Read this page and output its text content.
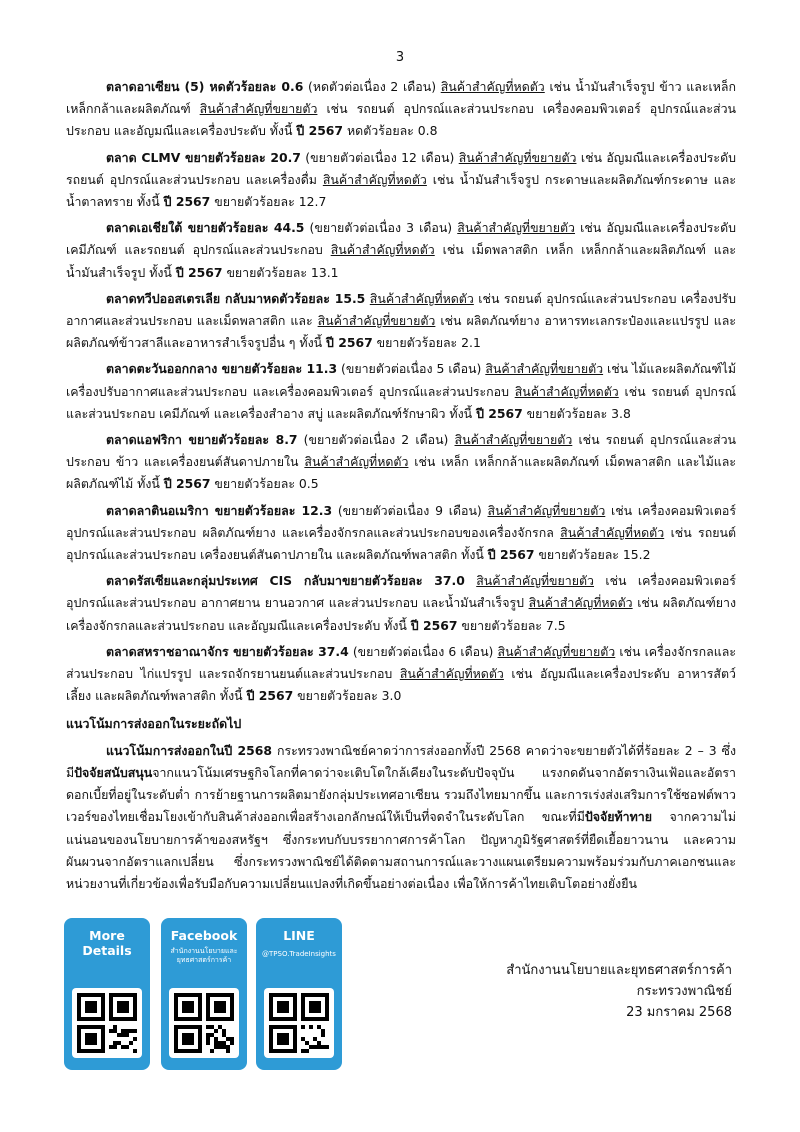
3

ตลาดอาเซียน (5) หดตัวร้อยละ 0.6 (หดตัวต่อเนื่อง 2 เดือน) สินค้าสำคัญที่หดตัว เช่น น้ำมันสำเร็จรูป ข้าว และเหล็ก เหล็กกล้าและผลิตภัณฑ์ สินค้าสำคัญที่ขยายตัว เช่น รถยนต์ อุปกรณ์และส่วนประกอบ เครื่องคอมพิวเตอร์ อุปกรณ์และส่วนประกอบ และอัญมณีและเครื่องประดับ ทั้งนี้ ปี 2567 หดตัวร้อยละ 0.8

ตลาด CLMV ขยายตัวร้อยละ 20.7 (ขยายตัวต่อเนื่อง 12 เดือน) สินค้าสำคัญที่ขยายตัว เช่น อัญมณีและเครื่องประดับ รถยนต์ อุปกรณ์และส่วนประกอบ และเครื่องดื่ม สินค้าสำคัญที่หดตัว เช่น น้ำมันสำเร็จรูป กระดาษและผลิตภัณฑ์กระดาษ และน้ำตาลทราย ทั้งนี้ ปี 2567 ขยายตัวร้อยละ 12.7

ตลาดเอเชียใต้ ขยายตัวร้อยละ 44.5 (ขยายตัวต่อเนื่อง 3 เดือน) สินค้าสำคัญที่ขยายตัว เช่น อัญมณีและเครื่องประดับ เคมีภัณฑ์ และรถยนต์ อุปกรณ์และส่วนประกอบ สินค้าสำคัญที่หดตัว เช่น เม็ดพลาสติก เหล็ก เหล็กกล้าและผลิตภัณฑ์ และน้ำมันสำเร็จรูป ทั้งนี้ ปี 2567 ขยายตัวร้อยละ 13.1

ตลาดทวีปออสเตรเลีย กลับมาหดตัวร้อยละ 15.5 สินค้าสำคัญที่หดตัว เช่น รถยนต์ อุปกรณ์และส่วนประกอบ เครื่องปรับอากาศและส่วนประกอบ และเม็ดพลาสติก และ สินค้าสำคัญที่ขยายตัว เช่น ผลิตภัณฑ์ยาง อาหารทะเลกระป๋องและแปรรูป และผลิตภัณฑ์ข้าวสาลีและอาหารสำเร็จรูปอื่น ๆ ทั้งนี้ ปี 2567 ขยายตัวร้อยละ 2.1

ตลาดตะวันออกกลาง ขยายตัวร้อยละ 11.3 (ขยายตัวต่อเนื่อง 5 เดือน) สินค้าสำคัญที่ขยายตัว เช่น ไม้และผลิตภัณฑ์ไม้ เครื่องปรับอากาศและส่วนประกอบ และเครื่องคอมพิวเตอร์ อุปกรณ์และส่วนประกอบ สินค้าสำคัญที่หดตัว เช่น รถยนต์ อุปกรณ์และส่วนประกอบ เคมีภัณฑ์ และเครื่องสำอาง สบู่ และผลิตภัณฑ์รักษาผิว ทั้งนี้ ปี 2567 ขยายตัวร้อยละ 3.8

ตลาดแอฟริกา ขยายตัวร้อยละ 8.7 (ขยายตัวต่อเนื่อง 2 เดือน) สินค้าสำคัญที่ขยายตัว เช่น รถยนต์ อุปกรณ์และส่วนประกอบ ข้าว และเครื่องยนต์สันดาปภายใน สินค้าสำคัญที่หดตัว เช่น เหล็ก เหล็กกล้าและผลิตภัณฑ์ เม็ดพลาสติก และไม้และผลิตภัณฑ์ไม้ ทั้งนี้ ปี 2567 ขยายตัวร้อยละ 0.5

ตลาดลาตินอเมริกา ขยายตัวร้อยละ 12.3 (ขยายตัวต่อเนื่อง 9 เดือน) สินค้าสำคัญที่ขยายตัว เช่น เครื่องคอมพิวเตอร์ อุปกรณ์และส่วนประกอบ ผลิตภัณฑ์ยาง และเครื่องจักรกลและส่วนประกอบของเครื่องจักรกล สินค้าสำคัญที่หดตัว เช่น รถยนต์ อุปกรณ์และส่วนประกอบ เครื่องยนต์สันดาปภายใน และผลิตภัณฑ์พลาสติก ทั้งนี้ ปี 2567 ขยายตัวร้อยละ 15.2

ตลาดรัสเซียและกลุ่มประเทศ CIS กลับมาขยายตัวร้อยละ 37.0 สินค้าสำคัญที่ขยายตัว เช่น เครื่องคอมพิวเตอร์ อุปกรณ์และส่วนประกอบ อากาศยาน ยานอวกาศ และส่วนประกอบ และน้ำมันสำเร็จรูป สินค้าสำคัญที่หดตัว เช่น ผลิตภัณฑ์ยาง เครื่องจักรกลและส่วนประกอบ และอัญมณีและเครื่องประดับ ทั้งนี้ ปี 2567 ขยายตัวร้อยละ 7.5

ตลาดสหราชอาณาจักร ขยายตัวร้อยละ 37.4 (ขยายตัวต่อเนื่อง 6 เดือน) สินค้าสำคัญที่ขยายตัว เช่น เครื่องจักรกลและส่วนประกอบ ไก่แปรรูป และรถจักรยานยนต์และส่วนประกอบ สินค้าสำคัญที่หดตัว เช่น อัญมณีและเครื่องประดับ อาหารสัตว์เลี้ยง และผลิตภัณฑ์พลาสติก ทั้งนี้ ปี 2567 ขยายตัวร้อยละ 3.0

แนวโน้มการส่งออกในระยะถัดไป

แนวโน้มการส่งออกในปี 2568 กระทรวงพาณิชย์คาดว่าการส่งออกทั้งปี 2568 คาดว่าจะขยายตัวได้ที่ร้อยละ 2 – 3 ซึ่งมีปัจจัยสนับสนุนจากแนวโน้มเศรษฐกิจโลกที่คาดว่าจะเติบโตใกล้เคียงในระดับปัจจุบัน แรงกดดันจากอัตราเงินเฟ้อและอัตราดอกเบี้ยที่อยู่ในระดับต่ำ การย้ายฐานการผลิตมายังกลุ่มประเทศอาเซียน รวมถึงไทยมากขึ้น และการเร่งส่งเสริมการใช้ซอฟต์พาวเวอร์ของไทยเชื่อมโยงเข้ากับสินค้าส่งออกเพื่อสร้างเอกลักษณ์ให้เป็นที่จดจำในระดับโลก ขณะที่มีปัจจัยท้าทาย จากความไม่แน่นอนของนโยบายการค้าของสหรัฐฯ ซึ่งกระทบกับบรรยากาศการค้าโลก ปัญหาภูมิรัฐศาสตร์ที่ยืดเยื้อยาวนาน และความผันผวนจากอัตราแลกเปลี่ยน ซึ่งกระทรวงพาณิชย์ได้ติดตามสถานการณ์และวางแผนเตรียมความพร้อมร่วมกับภาคเอกชนและหน่วยงานที่เกี่ยวข้องเพื่อรับมือกับความเปลี่ยนแปลงที่เกิดขึ้นอย่างต่อเนื่อง เพื่อให้การค้าไทยเติบโตอย่างยั่งยืน

More Details
Facebook
สำนักงานนโยบายและยุทธศาสตร์การค้า
LINE
@TPSO.TradeInsights
สำนักงานนโยบายและยุทธศาสตร์การค้า
กระทรวงพาณิชย์
23 มกราคม 2568
